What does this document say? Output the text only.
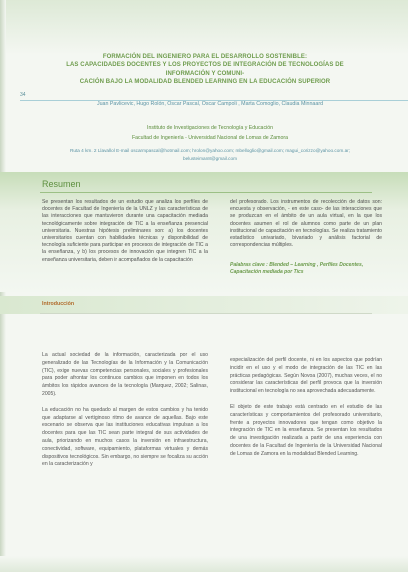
FORMACIÓN DEL INGENIERO PARA EL DESARROLLO SOSTENIBLE:
LAS CAPACIDADES DOCENTES Y LOS PROYECTOS DE INTEGRACIÓN DE TECNOLOGÍAS DE INFORMACIÓN Y COMUNI-
CACIÓN BAJO LA MODALIDAD BLENDED LEARNING EN LA EDUCACIÓN SUPERIOR
34
Juan Pavlicevic, Hugo Rolón, Oscar Pascal, Oscar Campoli , Marta Comoglio, Claudia Minnaard
Instituto de Investigaciones de Tecnología y Educación
Facultad de Ingeniería - Universidad Nacional de Lomas de Zamora
Ruta 4 km. 2 Llavallol E-mail oscarmpascal@hotmail.com; hrolon@yahoo.com; mbelloglio@gmail.com; magui_corizzo@yahoo.com.ar;
belusteiman8@gmail.com
Resumen
Se presentan los resultados de un estudio que analiza los perfiles de docentes de Facultad de Ingeniería de la UNLZ y las características de las interacciones que mantuvieron durante una capacitación mediada tecnológicamente sobre integración de TIC a la enseñanza presencial universitaria. Nuestras hipótesis preliminares son: a) los docentes universitarios cuentan con habilidades técnicas y disponibilidad de tecnología suficiente para participar en procesos de integración de TIC a la enseñanza, y b) los procesos de innovación que integren TIC a la enseñanza universitaria, deben ir acompañados de la capacitación
del profesorado. Los instrumentos de recolección de datos son: encuesta y observación, - en este caso- de las interacciones que se produzcan en el ámbito de un aula virtual, en la que los docentes asumen el rol de alumnos como parte de un plan institucional de capacitación en tecnologías. Se realiza tratamiento estadístico univariado, bivariado y análisis factorial de correspondencias múltiples.
Palabras clave : Blended – Learning , Perfiles Docentes, Capacitación mediada por Tics
Introducción

La actual sociedad de la información, caracterizada por el uso generalizado de las Tecnologías de la Información y la Comunicación (TIC), exige nuevas competencias personales, sociales y profesionales para poder afrontar los continuos cambios que imponen en todos los ámbitos los rápidos avances de la tecnología (Marquez, 2002; Salinas, 2005).

La educación no ha quedado al margen de estos cambios y ha tenido que adaptarse al vertiginoso ritmo de avance de aquellas. Bajo este escenario se observa que las instituciones educativas impulsan a los docentes para que las TIC sean parte integral de sus actividades de aula, priorizando en muchos casos la inversión en infraestructura, conectividad, software, equipamiento, plataformas virtuales y demás dispositivos tecnológicos. Sin embargo, no siempre se focaliza su acción en la caracterización y

especialización del perfil docente, ni en los aspectos que podrían incidir en el uso y el modo de integración de las TIC en las prácticas pedagógicas. Según Novoa (2007), muchas veces, el no considerar las características del perfil provoca que la inversión institucional en tecnología no sea aprovechada adecuadamente.

El objeto de este trabajo está centrado en el estudio de las características y comportamientos del profesorado universitario, frente a proyectos innovadores que tengan como objetivo la integración de TIC en la enseñanza. Se presentan los resultados de una investigación realizada a partir de una experiencia con docentes de la Facultad de Ingeniería de la Universidad Nacional de Lomas de Zamora en la modalidad Blended Learning.
